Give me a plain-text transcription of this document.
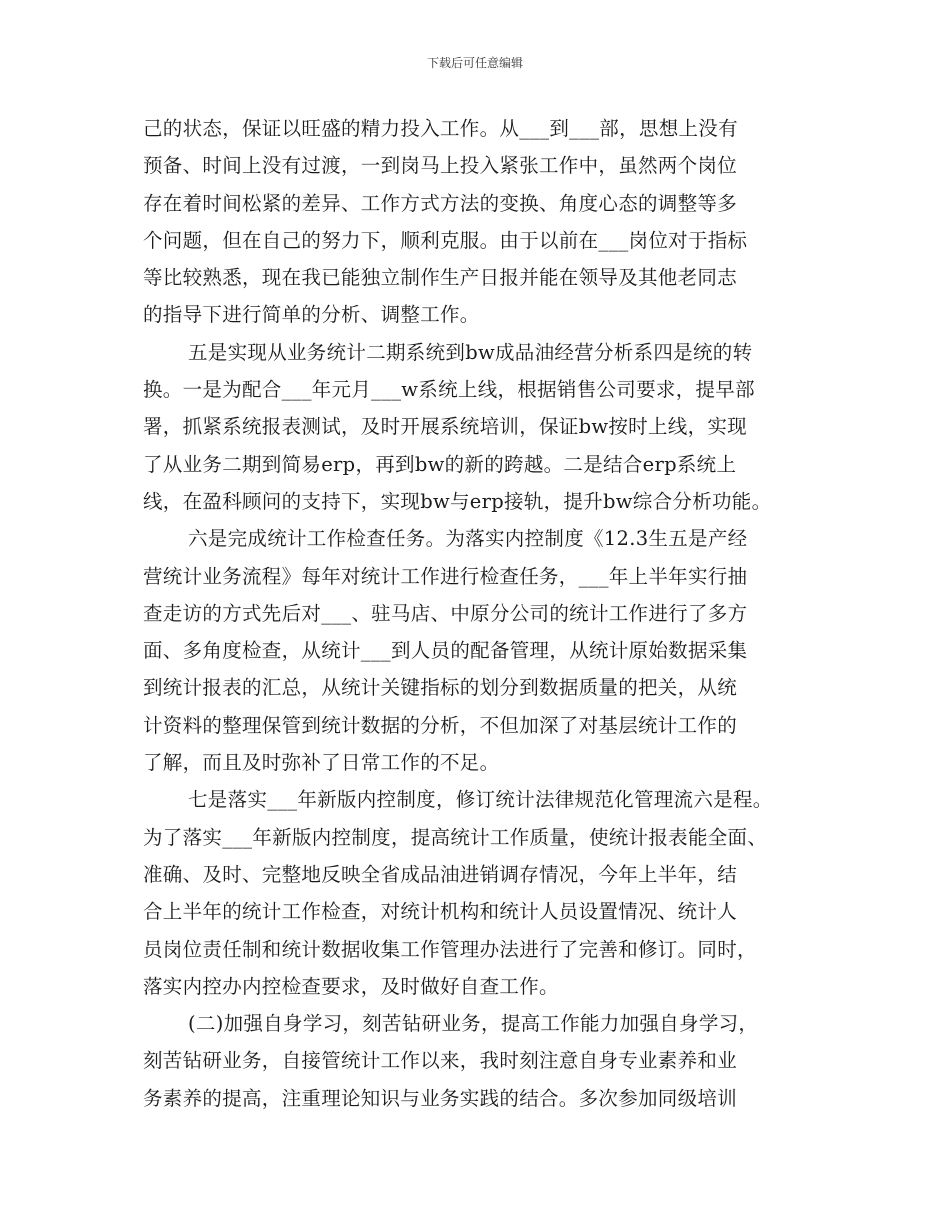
下载后可任意编辑
己的状态，保证以旺盛的精力投入工作。从___到___部，思想上没有
预备、时间上没有过渡，一到岗马上投入紧张工作中，虽然两个岗位
存在着时间松紧的差异、工作方式方法的变换、角度心态的调整等多
个问题，但在自己的努力下，顺利克服。由于以前在___岗位对于指标
等比较熟悉，现在我已能独立制作生产日报并能在领导及其他老同志
的指导下进行简单的分析、调整工作。
五是实现从业务统计二期系统到bw成品油经营分析系四是统的转
换。一是为配合___年元月___w系统上线，根据销售公司要求，提早部
署，抓紧系统报表测试，及时开展系统培训，保证bw按时上线，实现
了从业务二期到简易erp，再到bw的新的跨越。二是结合erp系统上
线，在盈科顾问的支持下，实现bw与erp接轨，提升bw综合分析功能。
六是完成统计工作检查任务。为落实内控制度《12.3生五是产经
营统计业务流程》每年对统计工作进行检查任务，___年上半年实行抽
查走访的方式先后对___、驻马店、中原分公司的统计工作进行了多方
面、多角度检查，从统计___到人员的配备管理，从统计原始数据采集
到统计报表的汇总，从统计关键指标的划分到数据质量的把关，从统
计资料的整理保管到统计数据的分析，不但加深了对基层统计工作的
了解，而且及时弥补了日常工作的不足。
七是落实___年新版内控制度，修订统计法律规范化管理流六是程。
为了落实___年新版内控制度，提高统计工作质量，使统计报表能全面、
准确、及时、完整地反映全省成品油进销调存情况，今年上半年，结
合上半年的统计工作检查，对统计机构和统计人员设置情况、统计人
员岗位责任制和统计数据收集工作管理办法进行了完善和修订。同时，
落实内控办内控检查要求，及时做好自查工作。
(二)加强自身学习，刻苦钻研业务，提高工作能力加强自身学习，
刻苦钻研业务，自接管统计工作以来，我时刻注意自身专业素养和业
务素养的提高，注重理论知识与业务实践的结合。多次参加同级培训
